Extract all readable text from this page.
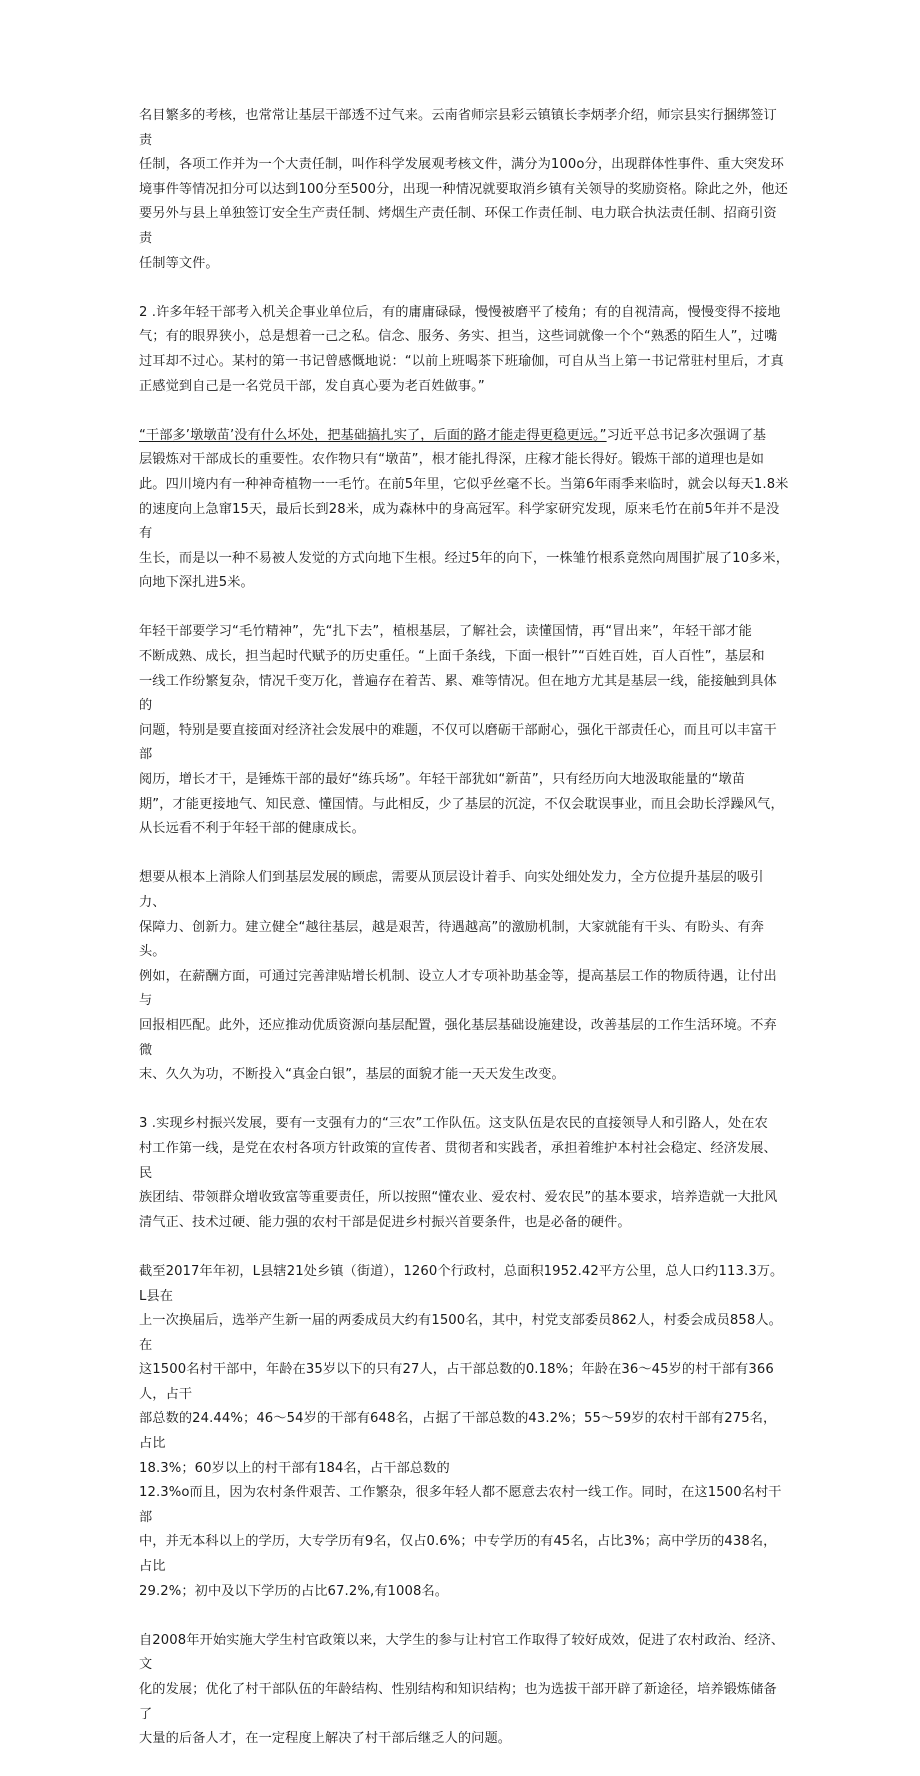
名目繁多的考核，也常常让基层干部透不过气来。云南省师宗县彩云镇镇长李炳孝介绍，师宗县实行捆绑签订责
任制，各项工作并为一个大责任制，叫作科学发展观考核文件，满分为100o分，出现群体性事件、重大突发环
境事件等情况扣分可以达到100分至500分，出现一种情况就要取消乡镇有关领导的奖励资格。除此之外，他还
要另外与县上单独签订安全生产责任制、烤烟生产责任制、环保工作责任制、电力联合执法责任制、招商引资责
任制等文件。

2 .许多年轻干部考入机关企事业单位后，有的庸庸碌碌，慢慢被磨平了棱角；有的自视清高，慢慢变得不接地
气；有的眼界狭小，总是想着一己之私。信念、服务、务实、担当，这些词就像一个个“熟悉的陌生人”，过嘴
过耳却不过心。某村的第一书记曾感慨地说：“以前上班喝茶下班瑜伽，可自从当上第一书记常驻村里后，才真
正感觉到自己是一名党员干部，发自真心要为老百姓做事。”

“干部多’墩墩苗’没有什么坏处，把基础搞扎实了，后面的路才能走得更稳更远。”习近平总书记多次强调了基
层锻炼对干部成长的重要性。农作物只有“墩苗”，根才能扎得深，庄稼才能长得好。锻炼干部的道理也是如
此。四川境内有一种神奇植物一一毛竹。在前5年里，它似乎丝毫不长。当第6年雨季来临时，就会以每天1.8米
的速度向上急窜15天，最后长到28米，成为森林中的身高冠军。科学家研究发现，原来毛竹在前5年并不是没有
生长，而是以一种不易被人发觉的方式向地下生根。经过5年的向下，一株雏竹根系竟然向周围扩展了10多米，
向地下深扎进5米。

年轻干部要学习“毛竹精神”，先“扎下去”，植根基层，了解社会，读懂国情，再“冒出来”，年轻干部才能
不断成熟、成长，担当起时代赋予的历史重任。“上面千条线，下面一根针”“百姓百姓，百人百性”，基层和
一线工作纷繁复杂，情况千变万化，普遍存在着苦、累、难等情况。但在地方尤其是基层一线，能接触到具体的
问题，特别是要直接面对经济社会发展中的难题，不仅可以磨砺干部耐心，强化干部责任心，而且可以丰富干部
阅历，增长才干，是锤炼干部的最好“练兵场”。年轻干部犹如“新苗”，只有经历向大地汲取能量的“墩苗
期”，才能更接地气、知民意、懂国情。与此相反，少了基层的沉淀，不仅会耽误事业，而且会助长浮躁风气，
从长远看不利于年轻干部的健康成长。

想要从根本上消除人们到基层发展的顾虑，需要从顶层设计着手、向实处细处发力，全方位提升基层的吸引力、
保障力、创新力。建立健全“越往基层，越是艰苦，待遇越高”的激励机制，大家就能有干头、有盼头、有奔头。
例如，在薪酬方面，可通过完善津贴增长机制、设立人才专项补助基金等，提高基层工作的物质待遇，让付出与
回报相匹配。此外，还应推动优质资源向基层配置，强化基层基础设施建设，改善基层的工作生活环境。不弃微
末、久久为功，不断投入“真金白银”，基层的面貌才能一天天发生改变。

3 .实现乡村振兴发展，要有一支强有力的“三农”工作队伍。这支队伍是农民的直接领导人和引路人，处在农
村工作第一线，是党在农村各项方针政策的宣传者、贯彻者和实践者，承担着维护本村社会稳定、经济发展、民
族团结、带领群众增收致富等重要责任，所以按照“懂农业、爱农村、爱农民”的基本要求，培养造就一大批风
清气正、技术过硬、能力强的农村干部是促进乡村振兴首要条件，也是必备的硬件。

截至2017年年初，L县辖21处乡镇（街道），1260个行政村，总面积1952.42平方公里，总人口约113.3万。L县在
上一次换届后，选举产生新一届的两委成员大约有1500名，其中，村党支部委员862人，村委会成员858人。在
这1500名村干部中，年龄在35岁以下的只有27人，占干部总数的0.18%；年龄在36〜45岁的村干部有366人，占干
部总数的24.44%；46〜54岁的干部有648名，占据了干部总数的43.2%；55〜59岁的农村干部有275名，占比
18.3%；60岁以上的村干部有184名，占干部总数的
12.3%o而且，因为农村条件艰苦、工作繁杂，很多年轻人都不愿意去农村一线工作。同时，在这1500名村干部
中，并无本科以上的学历，大专学历有9名，仅占0.6%；中专学历的有45名，占比3%；高中学历的438名，占比
29.2%；初中及以下学历的占比67.2%,有1008名。

自2008年开始实施大学生村官政策以来，大学生的参与让村官工作取得了较好成效，促进了农村政治、经济、文
化的发展；优化了村干部队伍的年龄结构、性别结构和知识结构；也为选拔干部开辟了新途径，培养锻炼储备了
大量的后备人才，在一定程度上解决了村干部后继乏人的问题。
